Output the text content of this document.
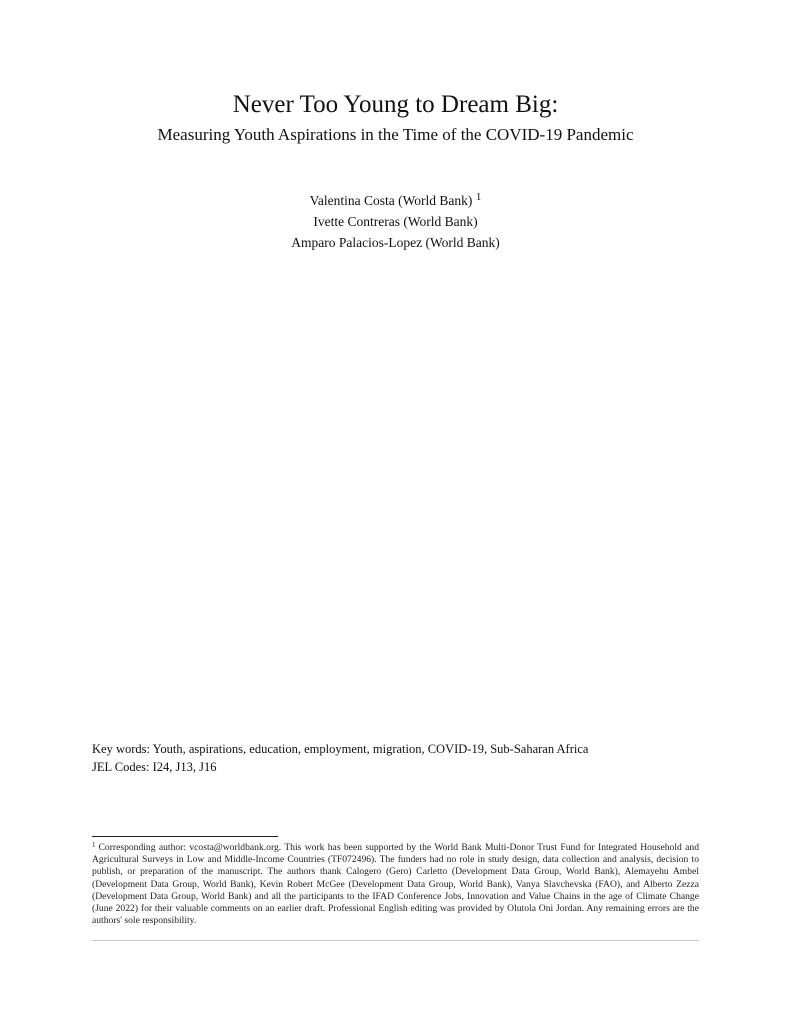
Never Too Young to Dream Big:
Measuring Youth Aspirations in the Time of the COVID-19 Pandemic
Valentina Costa (World Bank) $^1$
Ivette Contreras (World Bank)
Amparo Palacios-Lopez (World Bank)
Key words: Youth, aspirations, education, employment, migration, COVID-19, Sub-Saharan Africa
JEL Codes: I24, J13, J16
$^1$ Corresponding author: vcosta@worldbank.org. This work has been supported by the World Bank Multi-Donor Trust Fund for Integrated Household and Agricultural Surveys in Low and Middle-Income Countries (TF072496). The funders had no role in study design, data collection and analysis, decision to publish, or preparation of the manuscript. The authors thank Calogero (Gero) Carletto (Development Data Group, World Bank), Alemayehu Ambel (Development Data Group, World Bank), Kevin Robert McGee (Development Data Group, World Bank), Vanya Slavchevska (FAO), and Alberto Zezza (Development Data Group, World Bank) and all the participants to the IFAD Conference Jobs, Innovation and Value Chains in the age of Climate Change (June 2022) for their valuable comments on an earlier draft. Professional English editing was provided by Olutola Oni Jordan. Any remaining errors are the authors' sole responsibility.
